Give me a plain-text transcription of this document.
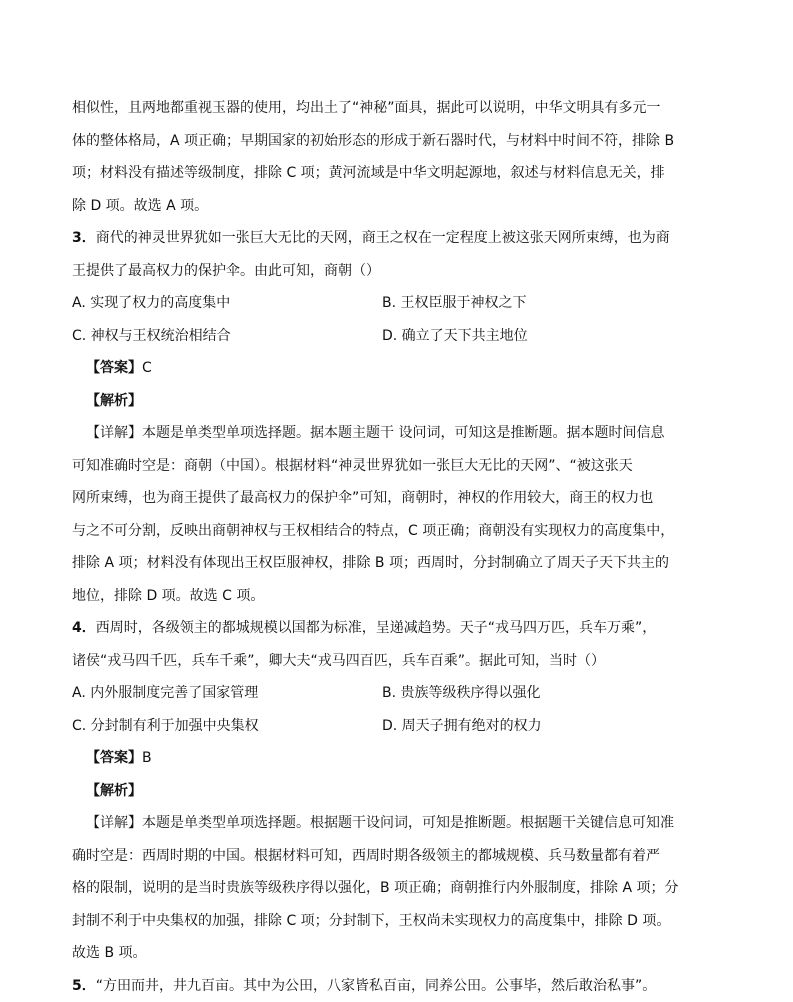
相似性，且两地都重视玉器的使用，均出土了“神秘”面具，据此可以说明，中华文明具有多元一
体的整体格局，A 项正确；早期国家的初始形态的形成于新石器时代，与材料中时间不符，排除 B
项；材料没有描述等级制度，排除 C 项；黄河流域是中华文明起源地，叙述与材料信息无关，排
除 D 项。故选 A 项。
3．商代的神灵世界犹如一张巨大无比的天网，商王之权在一定程度上被这张天网所束缚，也为商
王提供了最高权力的保护伞。由此可知，商朝（）
A. 实现了权力的高度集中	B. 王权臣服于神权之下
C. 神权与王权统治相结合	D. 确立了天下共主地位
【答案】C
【解析】
【详解】本题是单类型单项选择题。据本题主题干 设问词，可知这是推断题。据本题时间信息
可知准确时空是：商朝（中国）。根据材料“神灵世界犹如一张巨大无比的天网”、“被这张天
网所束缚，也为商王提供了最高权力的保护伞”可知，商朝时，神权的作用较大，商王的权力也
与之不可分割，反映出商朝神权与王权相结合的特点，C 项正确；商朝没有实现权力的高度集中，
排除 A 项；材料没有体现出王权臣服神权，排除 B 项；西周时，分封制确立了周天子天下共主的
地位，排除 D 项。故选 C 项。
4．西周时，各级领主的都城规模以国都为标准，呈递减趋势。天子“戎马四万匹，兵车万乘”，
诸侯“戎马四千匹，兵车千乘”，卿大夫“戎马四百匹，兵车百乘”。据此可知，当时（）
A. 内外服制度完善了国家管理	B. 贵族等级秩序得以强化
C. 分封制有利于加强中央集权	D. 周天子拥有绝对的权力
【答案】B
【解析】
【详解】本题是单类型单项选择题。根据题干设问词，可知是推断题。根据题干关键信息可知准
确时空是：西周时期的中国。根据材料可知，西周时期各级领主的都城规模、兵马数量都有着严
格的限制，说明的是当时贵族等级秩序得以强化，B 项正确；商朝推行内外服制度，排除 A 项；分
封制不利于中央集权的加强，排除 C 项；分封制下，王权尚未实现权力的高度集中，排除 D 项。
故选 B 项。
5．“方田而井，井九百亩。其中为公田，八家皆私百亩，同养公田。公事毕，然后敢治私事”。
